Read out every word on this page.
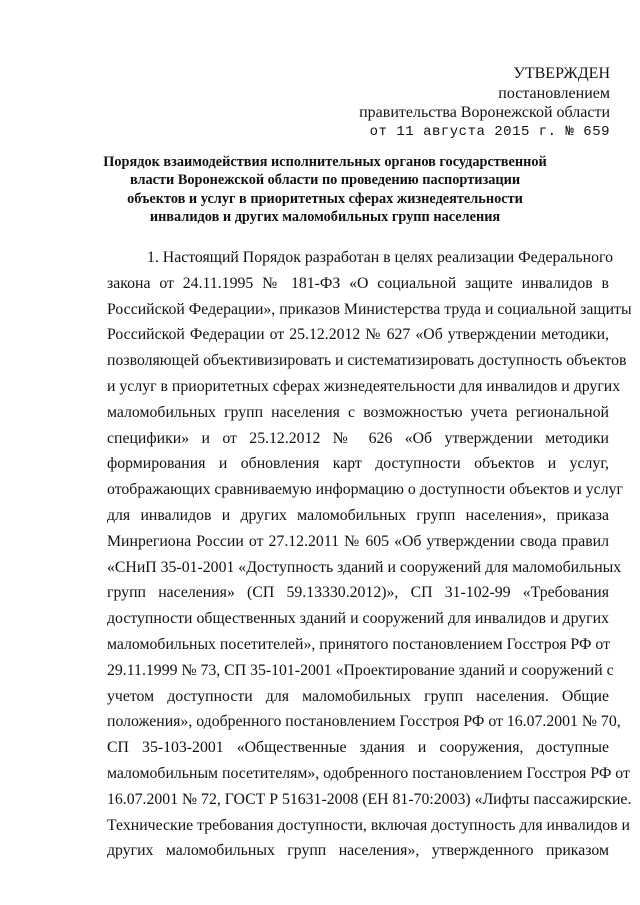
УТВЕРЖДЕН
постановлением
правительства Воронежской области
от 11 августа 2015 г. № 659
Порядок взаимодействия исполнительных органов государственной власти Воронежской области по проведению паспортизации объектов и услуг в приоритетных сферах жизнедеятельности инвалидов и других маломобильных групп населения
1. Настоящий Порядок разработан в целях реализации Федерального
закона от 24.11.1995 № 181-ФЗ «О социальной защите инвалидов в
Российской Федерации», приказов Министерства труда и социальной защиты
Российской Федерации от 25.12.2012 № 627 «Об утверждении методики,
позволяющей объективизировать и систематизировать доступность объектов
и услуг в приоритетных сферах жизнедеятельности для инвалидов и других
маломобильных групп населения с возможностью учета региональной
специфики» и от 25.12.2012 № 626 «Об утверждении методики
формирования и обновления карт доступности объектов и услуг,
отображающих сравниваемую информацию о доступности объектов и услуг
для инвалидов и других маломобильных групп населения», приказа
Минрегиона России от 27.12.2011 № 605 «Об утверждении свода правил
«СНиП 35-01-2001 «Доступность зданий и сооружений для маломобильных
групп населения» (СП 59.13330.2012)», СП 31-102-99 «Требования
доступности общественных зданий и сооружений для инвалидов и других
маломобильных посетителей», принятого постановлением Госстроя РФ от
29.11.1999 № 73, СП 35-101-2001 «Проектирование зданий и сооружений с
учетом доступности для маломобильных групп населения. Общие
положения», одобренного постановлением Госстроя РФ от 16.07.2001 № 70,
СП 35-103-2001 «Общественные здания и сооружения, доступные
маломобильным посетителям», одобренного постановлением Госстроя РФ от
16.07.2001 № 72, ГОСТ Р 51631-2008 (ЕН 81-70:2003) «Лифты пассажирские.
Технические требования доступности, включая доступность для инвалидов и
других маломобильных групп населения», утвержденного приказом
